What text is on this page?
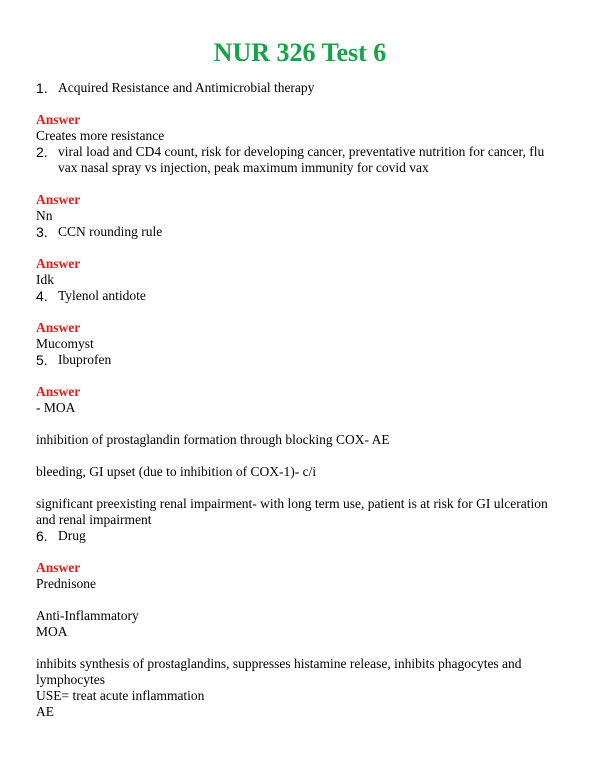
NUR 326 Test 6
1. Acquired Resistance and Antimicrobial therapy
Answer
Creates more resistance
2. viral load and CD4 count, risk for developing cancer, preventative nutrition for cancer, flu vax nasal spray vs injection, peak maximum immunity for covid vax
Answer
Nn
3. CCN rounding rule
Answer
Idk
4. Tylenol antidote
Answer
Mucomyst
5. Ibuprofen
Answer
- MOA
inhibition of prostaglandin formation through blocking COX- AE
bleeding, GI upset (due to inhibition of COX-1)- c/i
significant preexisting renal impairment- with long term use, patient is at risk for GI ulceration and renal impairment
6. Drug
Answer
Prednisone
Anti-Inflammatory
MOA
inhibits synthesis of prostaglandins, suppresses histamine release, inhibits phagocytes and lymphocytes
USE= treat acute inflammation
AE
